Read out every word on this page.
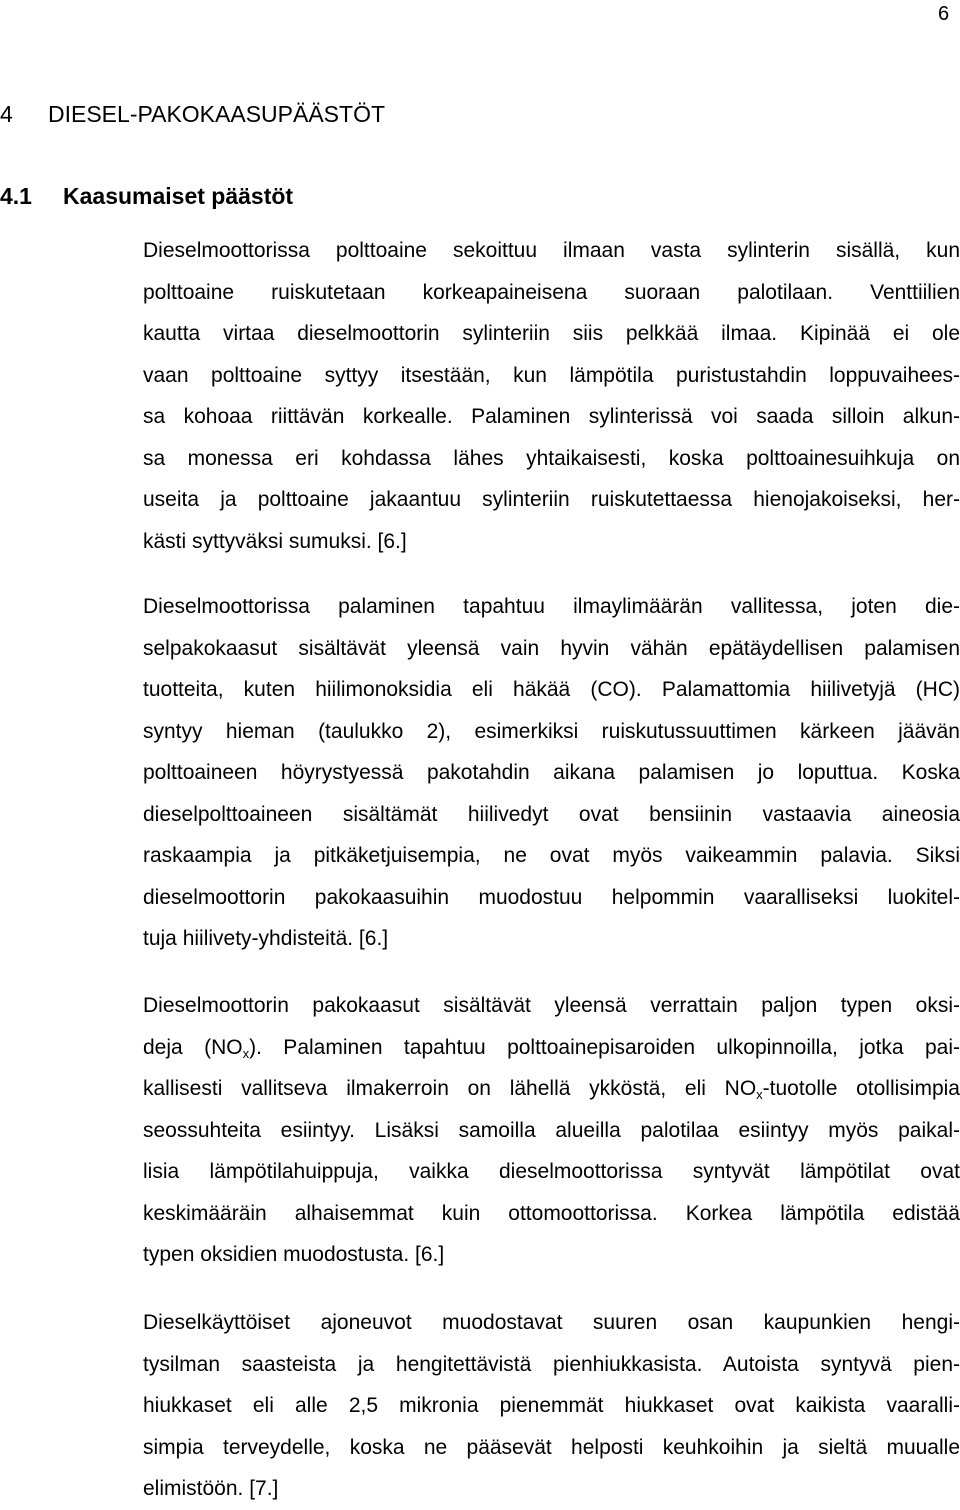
6
4 DIESEL-PAKOKAASUPÄÄSTÖT
4.1 Kaasumaiset päästöt
Dieselmoottorissa polttoaine sekoittuu ilmaan vasta sylinterin sisällä, kun
polttoaine ruiskutetaan korkeapaineisena suoraan palotilaan. Venttiilien
kautta virtaa dieselmoottorin sylinteriin siis pelkkää ilmaa. Kipinää ei ole
vaan polttoaine syttyy itsestään, kun lämpötila puristustahdin loppuvaihees-
sa kohoaa riittävän korkealle. Palaminen sylinterissä voi saada silloin alkun-
sa monessa eri kohdassa lähes yhtaikaisesti, koska polttoainesuihkuja on
useita ja polttoaine jakaantuu sylinteriin ruiskutettaessa hienojakoiseksi, her-
kästi syttyväksi sumuksi. [6.]
Dieselmoottorissa palaminen tapahtuu ilmaylimäärän vallitessa, joten die-
selpakokaasut sisältävät yleensä vain hyvin vähän epätäydellisen palamisen
tuotteita, kuten hiilimonoksidia eli häkää (CO). Palamattomia hiilivetyjä (HC)
syntyy hieman (taulukko 2), esimerkiksi ruiskutussuuttimen kärkeen jäävän
polttoaineen höyrystyessä pakotahdin aikana palamisen jo loputtua. Koska
dieselpolttoaineen sisältämät hiilivedyt ovat bensiinin vastaavia aineosia
raskaampia ja pitkäketjuisempia, ne ovat myös vaikeammin palavia. Siksi
dieselmoottorin pakokaasuihin muodostuu helpommin vaaralliseksi luokitel-
tuja hiilivety-yhdisteitä. [6.]
Dieselmoottorin pakokaasut sisältävät yleensä verrattain paljon typen oksi-
deja $(NO_x)$. Palaminen tapahtuu polttoainepisaroiden ulkopinnoilla, jotka pai-
kallisesti vallitseva ilmakerroin on lähellä ykköstä, eli $NO_x$-tuotolle otollisimpia
seossuhteita esiintyy. Lisäksi samoilla alueilla palotilaa esiintyy myös paikal-
lisia lämpötilahuippuja, vaikka dieselmoottorissa syntyvät lämpötilat ovat
keskimääräin alhaisemmat kuin ottomoottorissa. Korkea lämpötila edistää
typen oksidien muodostusta. [6.]
Dieselkäyttöiset ajoneuvot muodostavat suuren osan kaupunkien hengi-
tysilman saasteista ja hengitettävistä pienhiukkasista. Autoista syntyvä pien-
hiukkaset eli alle 2,5 mikronia pienemmät hiukkaset ovat kaikista vaaralli-
simpia terveydelle, koska ne pääsevät helposti keuhkoihin ja sieltä muualle
elimistöön. [7.]
